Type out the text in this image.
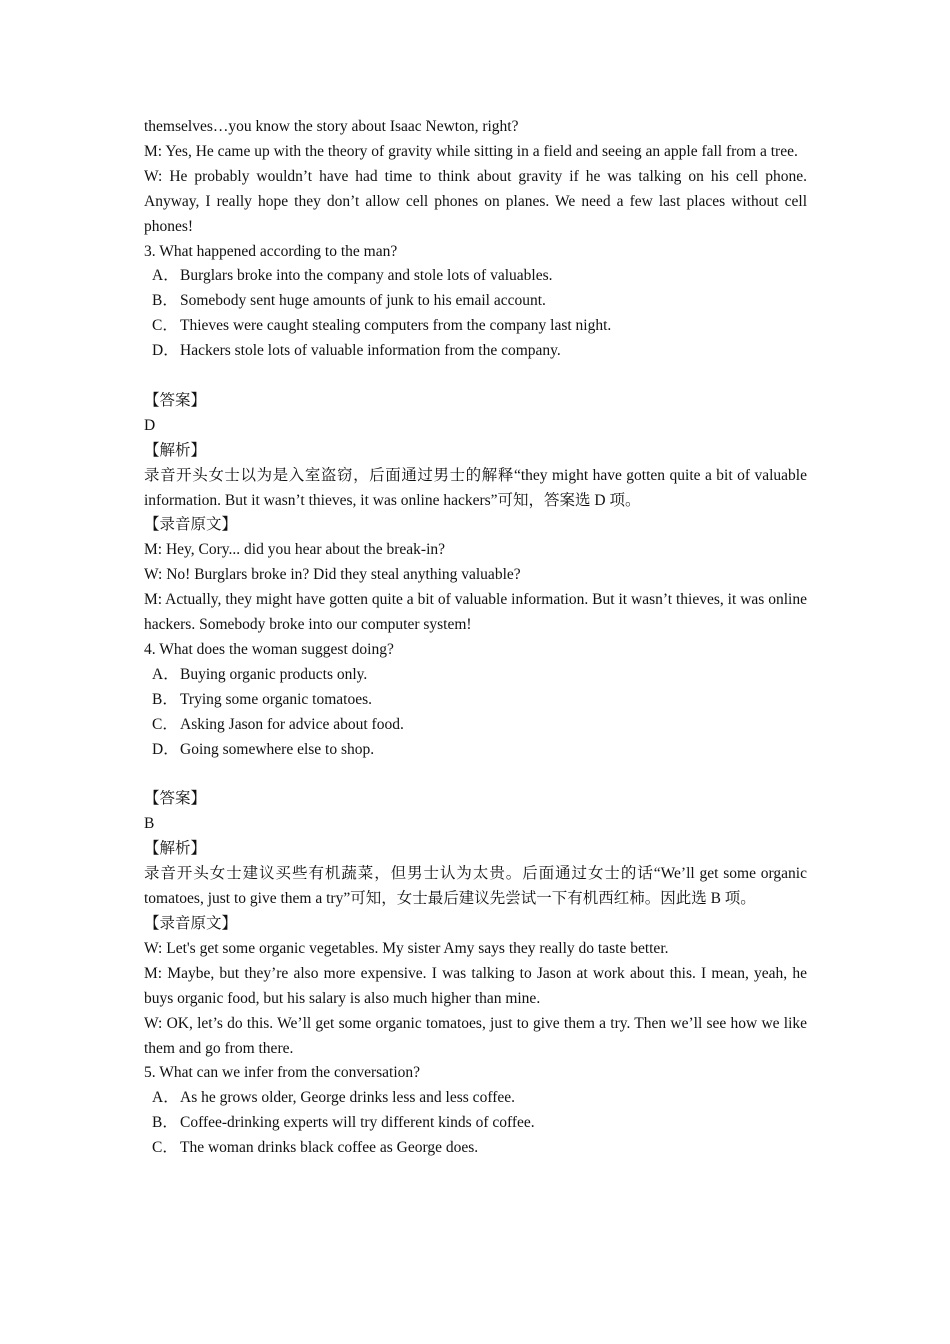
themselves…you know the story about Isaac Newton, right?

M: Yes, He came up with the theory of gravity while sitting in a field and seeing an apple fall from a tree.

W: He probably wouldn’t have had time to think about gravity if he was talking on his cell phone. Anyway, I really hope they don’t allow cell phones on planes. We need a few last places without cell phones!

3. What happened according to the man?

A． Burglars broke into the company and stole lots of valuables.
B． Somebody sent huge amounts of junk to his email account.
C． Thieves were caught stealing computers from the company last night.
D． Hackers stole lots of valuable information from the company.

【答案】

D

【解析】

录音开头女士以为是入室盗窃，后面通过男士的解释“they might have gotten quite a bit of valuable information. But it wasn’t thieves, it was online hackers”可知，答案选 D 项。

【录音原文】

M: Hey, Cory... did you hear about the break-in?

W: No! Burglars broke in? Did they steal anything valuable?

M: Actually, they might have gotten quite a bit of valuable information. But it wasn’t thieves, it was online hackers. Somebody broke into our computer system!

4. What does the woman suggest doing?

A． Buying organic products only.
B． Trying some organic tomatoes.
C． Asking Jason for advice about food.
D． Going somewhere else to shop.

【答案】

B

【解析】

录音开头女士建议买些有机蔬菜，但男士认为太贵。后面通过女士的话“We’ll get some organic tomatoes, just to give them a try”可知，女士最后建议先尝试一下有机西红柿。因此选 B 项。

【录音原文】

W: Let's get some organic vegetables. My sister Amy says they really do taste better.

M: Maybe, but they’re also more expensive. I was talking to Jason at work about this. I mean, yeah, he buys organic food, but his salary is also much higher than mine.

W: OK, let’s do this. We’ll get some organic tomatoes, just to give them a try. Then we’ll see how we like them and go from there.

5. What can we infer from the conversation?

A． As he grows older, George drinks less and less coffee.
B． Coffee-drinking experts will try different kinds of coffee.
C． The woman drinks black coffee as George does.
